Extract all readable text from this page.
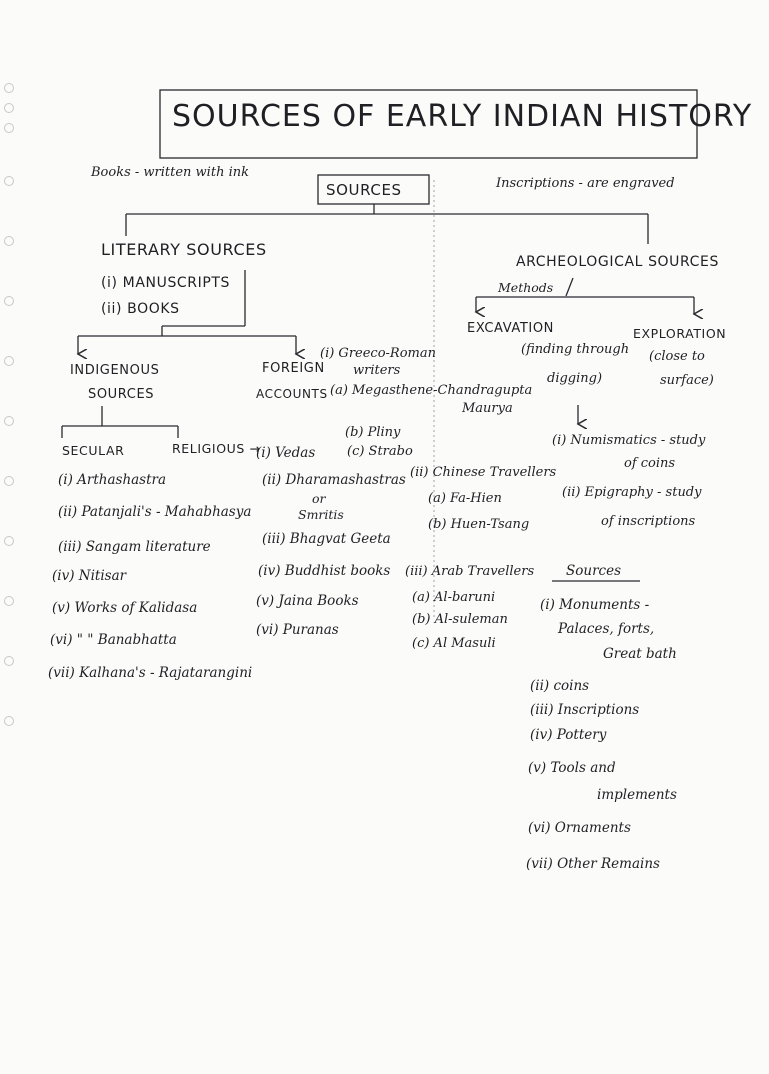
SOURCES OF EARLY INDIAN HISTORY
Books - written with ink
SOURCES	Inscriptions - are engraved
LITERARY SOURCES
(i) MANUSCRIPTS
(ii) BOOKS
INDIGENOUS
SOURCES
FOREIGN
ACCOUNTS
(i) Greeco-Roman
writers
(a) Megasthene-Chandragupta
Maurya
(b) Pliny
(c) Strabo
SECULAR	RELIGIOUS →
(i) Arthashastra
(ii) Patanjali's - Mahabhasya
(iii) Sangam literature
(iv) Nitisar
(v) Works of Kalidasa
(vi) " " Banabhatta
(vii) Kalhana's - Rajatarangini
(i) Vedas
(ii) Dharamashastras
or
Smritis
(iii) Bhagvat Geeta
(iv) Buddhist books
(v) Jaina Books
(vi) Puranas
(ii) Chinese Travellers
(a) Fa-Hien
(b) Huen-Tsang
(iii) Arab Travellers
(a) Al-baruni
(b) Al-suleman
(c) Al Masuli
ARCHEOLOGICAL SOURCES
Methods
EXCAVATION
(finding through
digging)
EXPLORATION
(close to
surface)
(i) Numismatics - study
of coins
(ii) Epigraphy - study
of inscriptions
Sources
(i) Monuments -
Palaces, forts,
Great bath
(ii) coins
(iii) Inscriptions
(iv) Pottery
(v) Tools and
implements
(vi) Ornaments
(vii) Other Remains
